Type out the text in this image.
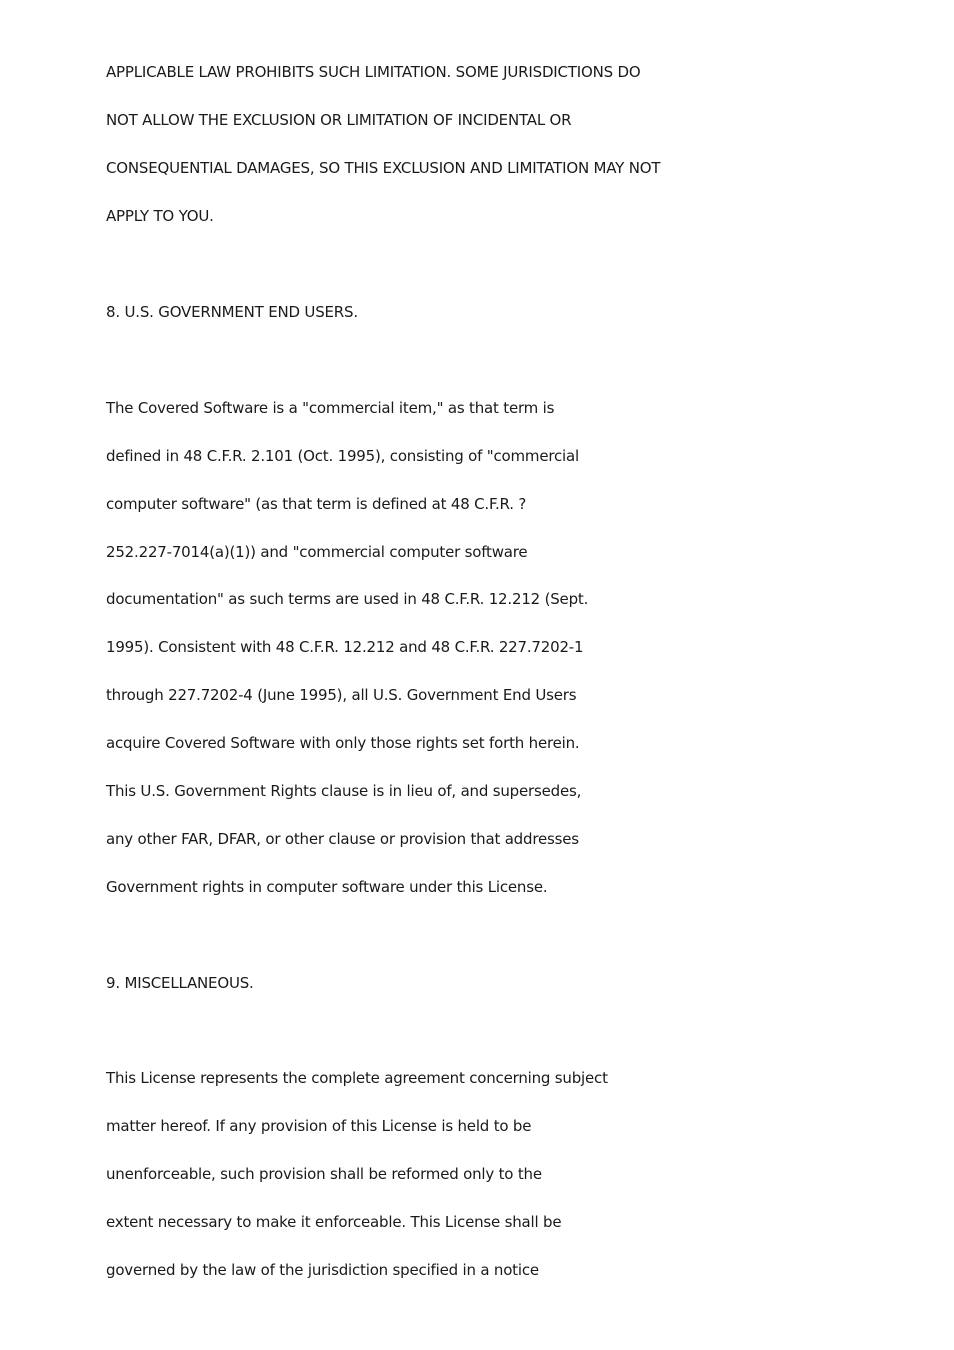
APPLICABLE LAW PROHIBITS SUCH LIMITATION. SOME JURISDICTIONS DO
NOT ALLOW THE EXCLUSION OR LIMITATION OF INCIDENTAL OR
CONSEQUENTIAL DAMAGES, SO THIS EXCLUSION AND LIMITATION MAY NOT
APPLY TO YOU.
8. U.S. GOVERNMENT END USERS.
The Covered Software is a "commercial item," as that term is
defined in 48 C.F.R. 2.101 (Oct. 1995), consisting of "commercial
computer software" (as that term is defined at 48 C.F.R. ?
252.227-7014(a)(1)) and "commercial computer software
documentation" as such terms are used in 48 C.F.R. 12.212 (Sept.
1995). Consistent with 48 C.F.R. 12.212 and 48 C.F.R. 227.7202-1
through 227.7202-4 (June 1995), all U.S. Government End Users
acquire Covered Software with only those rights set forth herein.
This U.S. Government Rights clause is in lieu of, and supersedes,
any other FAR, DFAR, or other clause or provision that addresses
Government rights in computer software under this License.
9. MISCELLANEOUS.
This License represents the complete agreement concerning subject
matter hereof. If any provision of this License is held to be
unenforceable, such provision shall be reformed only to the
extent necessary to make it enforceable. This License shall be
governed by the law of the jurisdiction specified in a notice
